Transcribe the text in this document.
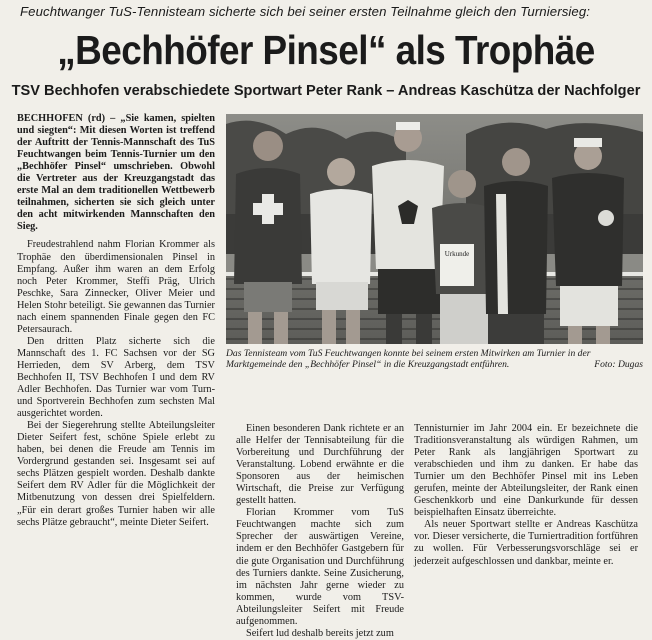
Feuchtwanger TuS-Tennisteam sicherte sich bei seiner ersten Teilnahme gleich den Turniersieg:
„Bechhöfer Pinsel“ als Trophäe
TSV Bechhofen verabschiedete Sportwart Peter Rank – Andreas Kaschütza der Nachfolger

BECHHOFEN (rd) – „Sie kamen, spielten und siegten“: Mit diesen Worten ist treffend der Auftritt der Tennis-Mannschaft des TuS Feuchtwangen beim Tennis-Turnier um den „Bechhöfer Pinsel“ umschrieben. Obwohl die Vertreter aus der Kreuzgangstadt das erste Mal an dem traditionellen Wettbewerb teilnahmen, sicherten sie sich gleich unter den acht mitwirkenden Mannschaften den Sieg.

Freudestrahlend nahm Florian Krommer als Trophäe den überdimensionalen Pinsel in Empfang. Außer ihm waren an dem Erfolg noch Peter Krommer, Steffi Präg, Ulrich Peschke, Sara Zinnecker, Oliver Meier und Helen Stohr beteiligt. Sie gewannen das Turnier nach einem spannenden Finale gegen den FC Petersaurach.

Den dritten Platz sicherte sich die Mannschaft des 1. FC Sachsen vor der SG Herrieden, dem SV Arberg, dem TSV Bechhofen II, TSV Bechhofen I und dem RV Adler Bechhofen. Das Turnier war vom Turn- und Sportverein Bechhofen zum sechsten Mal ausgerichtet worden.

Bei der Siegerehrung stellte Abteilungsleiter Dieter Seifert fest, schöne Spiele erlebt zu haben, bei denen die Freude am Tennis im Vordergrund gestanden sei. Insgesamt sei auf sechs Plätzen gespielt worden. Deshalb dankte Seifert dem RV Adler für die Möglichkeit der Mitbenutzung von dessen drei Spielfeldern. „Für ein derart großes Turnier haben wir alle sechs Plätze gebraucht“, meinte Dieter Seifert.

Urkunde
Das Tennisteam vom TuS Feuchtwangen konnte bei seinem ersten Mitwirken am Turnier in der Marktgemeinde den „Bechhöfer Pinsel“ in die Kreuzgangstadt entführen.	Foto: Dugas

Einen besonderen Dank richtete er an alle Helfer der Tennisabteilung für die Vorbereitung und Durchführung der Veranstaltung. Lobend erwähnte er die Sponsoren aus der heimischen Wirtschaft, die Preise zur Verfügung gestellt hatten.

Florian Krommer vom TuS Feuchtwangen machte sich zum Sprecher der auswärtigen Vereine, indem er den Bechhöfer Gastgebern für die gute Organisation und Durchführung des Turniers dankte. Seine Zusicherung, im nächsten Jahr gerne wieder zu kommen, wurde vom TSV-Abteilungsleiter Seifert mit Freude aufgenommen.

Seifert lud deshalb bereits jetzt zum

Tennisturnier im Jahr 2004 ein. Er bezeichnete die Traditionsveranstaltung als würdigen Rahmen, um Peter Rank als langjährigen Sportwart zu verabschieden und ihm zu danken. Er habe das Turnier um den Bechhöfer Pinsel mit ins Leben gerufen, meinte der Abteilungsleiter, der Rank einen Geschenkkorb und eine Dankurkunde für dessen beispielhaften Einsatz überreichte.

Als neuer Sportwart stellte er Andreas Kaschütza vor. Dieser versicherte, die Turniertradition fortführen zu wollen. Für Verbesserungsvorschläge sei er jederzeit aufgeschlossen und dankbar, meinte er.
